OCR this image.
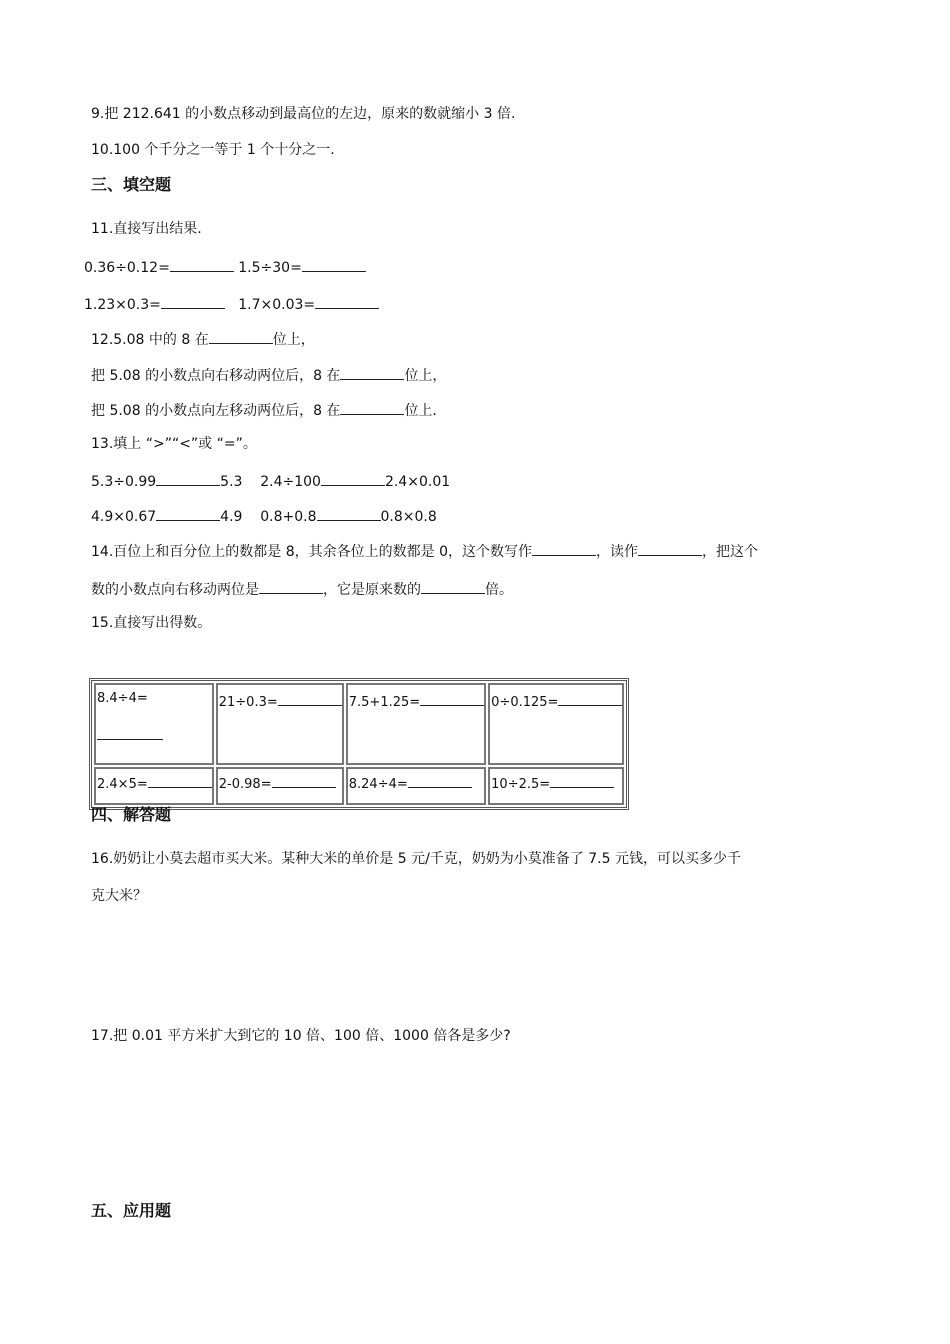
9.把 212.641 的小数点移动到最高位的左边，原来的数就缩小 3 倍.
10.100 个千分之一等于 1 个十分之一.
三、填空题
11.直接写出结果.
0.36÷0.12=	1.5÷30=
1.23×0.3=	1.7×0.03=
12.5.08 中的 8 在	位上，
把 5.08 的小数点向右移动两位后，8 在	位上，
把 5.08 的小数点向左移动两位后，8 在	位上.
13.填上 “>”“<”或 “=”。
5.3÷0.99	5.3    2.4÷100	2.4×0.01
4.9×0.67	4.9    0.8+0.8	0.8×0.8
14.百位上和百分位上的数都是 8，其余各位上的数都是 0，这个数写作	，读作	，把这个
数的小数点向右移动两位是	，它是原来数的	倍。
15.直接写出得数。
8.4÷4=	21÷0.3=	7.5+1.25=	0÷0.125=
2.4×5=	2-0.98=	8.24÷4=	10÷2.5=
四、解答题
16.奶奶让小莫去超市买大米。某种大米的单价是 5 元/千克，奶奶为小莫准备了 7.5 元钱，可以买多少千
克大米？
17.把 0.01 平方米扩大到它的 10 倍、100 倍、1000 倍各是多少?
五、应用题
